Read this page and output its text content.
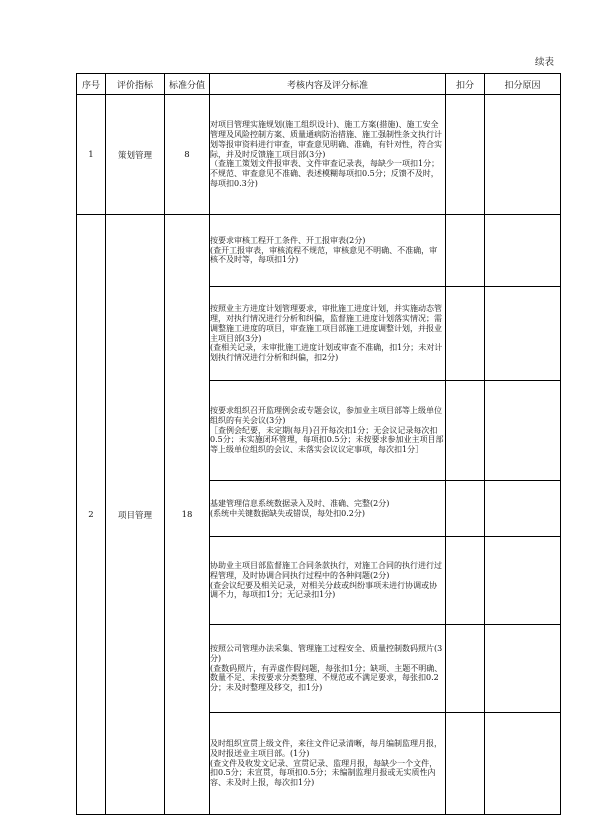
续表
序号	评价指标	标准分值	考核内容及评分标准	扣分	扣分原因
1	策划管理	8	对项目管理实施规划(施工组织设计)、施工方案(措施)、施工安全管理及风险控制方案、质量通病防治措施、施工强制性条文执行计划等报审资料进行审查，审查意见明确、准确，有针对性，符合实际，并及时反馈施工项目部(3分)
（查施工策划文件报审表、文件审查记录表，每缺少一项扣1分；不规范、审查意见不准确、表述模糊每项扣0.5分；反馈不及时，每项扣0.3分)		
2	项目管理	18	按要求审核工程开工条件、开工报审表(2分)
(查开工报审表，审核流程不规范，审核意见不明确、不准确，审核不及时等，每项扣1分)		
			按照业主方进度计划管理要求，审批施工进度计划，并实施动态管理，对执行情况进行分析和纠偏，监督施工进度计划落实情况；需调整施工进度的项目，审查施工项目部施工进度调整计划，并报业主项目部(3分)
(查相关记录，未审批施工进度计划或审查不准确，扣1分；未对计划执行情况进行分析和纠偏，扣2分)		
			按要求组织召开监理例会或专题会议，参加业主项目部等上级单位组织的有关会议(3分)
［查例会纪要，未定期(每月)召开每次扣1分；无会议记录每次扣0.5分；未实施闭环管理，每项扣0.5分；未按要求参加业主项目部等上级单位组织的会议、未落实会议议定事项，每次扣1分］		
			基建管理信息系统数据录入及时、准确、完整(2分)
(系统中关键数据缺失或错误，每处扣0.2分)		
			协助业主项目部监督施工合同条款执行，对施工合同的执行进行过程管理，及时协调合同执行过程中的各种问题(2分)
(查会议纪要及相关记录，对相关分歧或纠纷事项未进行协调或协调不力，每项扣1分；无记录扣1分)		
			按照公司管理办法采集、管理施工过程安全、质量控制数码照片(3分)
(查数码照片，有弄虚作假问题，每张扣1分；缺项、主题不明确、数量不足、未按要求分类整理、不规范或不满足要求，每张扣0.2分；未及时整理及移交，扣1分)		
			及时组织宣贯上级文件，来往文件记录清晰，每月编制监理月报，及时报送业主项目部。(1分)
(查文件及收发文记录、宣贯记录、监理月报，每缺少一个文件，扣0.5分；未宣贯，每项扣0.5分；未编制监理月报或无实质性内容、未及时上报，每次扣1分)		
